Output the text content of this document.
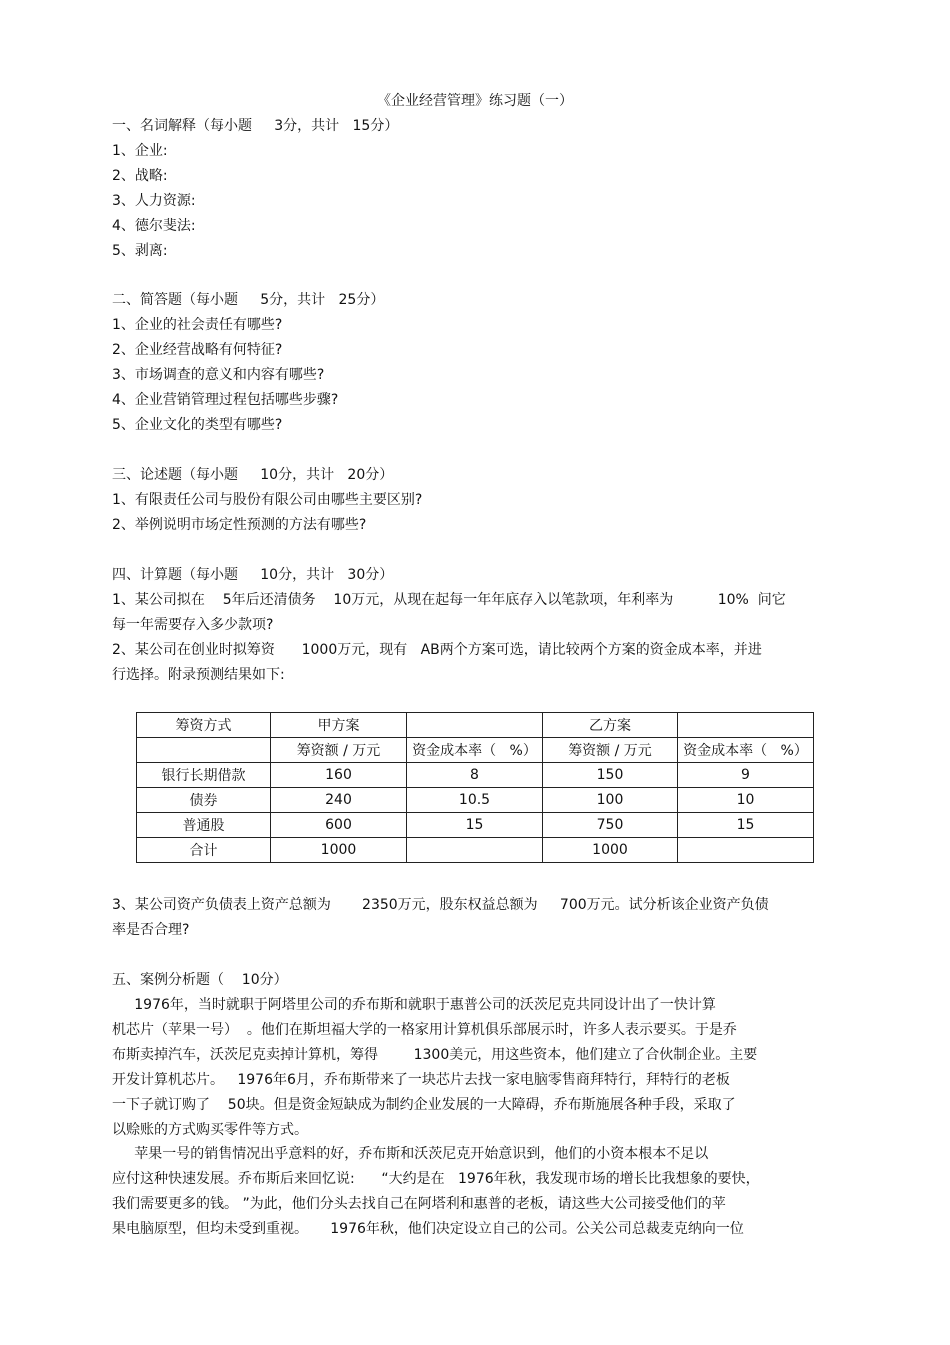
《企业经营管理》练习题（一）
一、名词解释（每小题     3分，共计   15分）
1、企业:
2、战略:
3、人力资源:
4、德尔斐法:
5、剥离:
二、简答题（每小题     5分，共计   25分）
1、企业的社会责任有哪些?
2、企业经营战略有何特征?
3、市场调查的意义和内容有哪些?
4、企业营销管理过程包括哪些步骤?
5、企业文化的类型有哪些?
三、论述题（每小题     10分，共计   20分）
1、有限责任公司与股份有限公司由哪些主要区别?
2、举例说明市场定性预测的方法有哪些?
四、计算题（每小题     10分，共计   30分）
1、某公司拟在    5年后还清债务    10万元，从现在起每一年年底存入以笔款项，年利率为          10%  问它
每一年需要存入多少款项?
2、某公司在创业时拟筹资      1000万元，现有   AB两个方案可选，请比较两个方案的资金成本率，并进
行选择。附录预测结果如下:
筹资方式	甲方案		乙方案	
	筹资额 / 万元	资金成本率（   %）	筹资额 / 万元	资金成本率（   %）
银行长期借款	160	8	150	9
债券	240	10.5	100	10
普通股	600	15	750	15
合计	1000		1000	
3、某公司资产负债表上资产总额为       2350万元，股东权益总额为     700万元。试分析该企业资产负债
率是否合理?
五、案例分析题（    10分）
1976年，当时就职于阿塔里公司的乔布斯和就职于惠普公司的沃茨尼克共同设计出了一快计算
机芯片（苹果一号）  。他们在斯坦福大学的一格家用计算机俱乐部展示时，许多人表示要买。于是乔
布斯卖掉汽车，沃茨尼克卖掉计算机，筹得        1300美元，用这些资本，他们建立了合伙制企业。主要
开发计算机芯片。   1976年6月，乔布斯带来了一块芯片去找一家电脑零售商拜特行，拜特行的老板
一下子就订购了    50块。但是资金短缺成为制约企业发展的一大障碍，乔布斯施展各种手段，采取了
以赊账的方式购买零件等方式。
苹果一号的销售情况出乎意料的好，乔布斯和沃茨尼克开始意识到，他们的小资本根本不足以
应付这种快速发展。乔布斯后来回忆说:      “大约是在   1976年秋，我发现市场的增长比我想象的要快，
我们需要更多的钱。 ”为此，他们分头去找自己在阿塔利和惠普的老板，请这些大公司接受他们的苹
果电脑原型，但均未受到重视。     1976年秋，他们决定设立自己的公司。公关公司总裁麦克纳向一位
